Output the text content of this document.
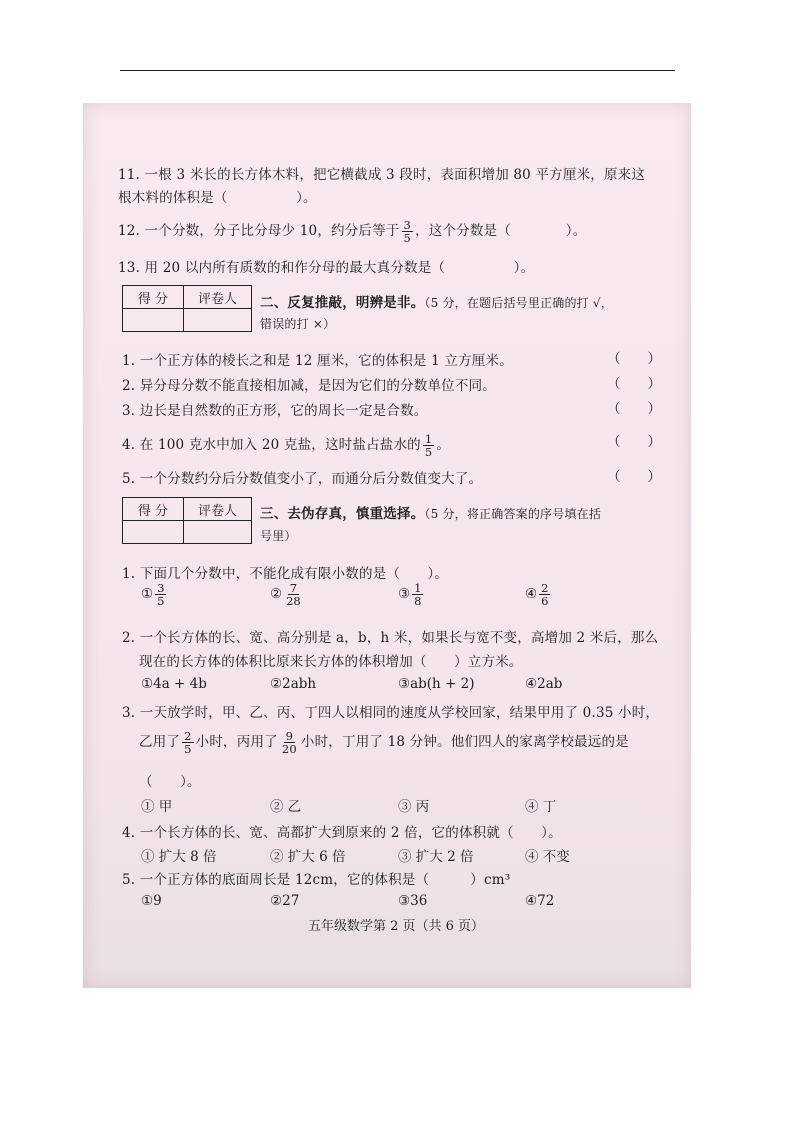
11. 一根 3 米长的长方体木料，把它横截成 3 段时，表面积增加 80 平方厘米，原来这
根木料的体积是（　　　　　）。
12. 一个分数，分子比分母少 10，约分后等于 $\frac{3}{5}$ ，这个分数是（　　　　）。
13. 用 20 以内所有质数的和作分母的最大真分数是（　　　　　）。
得 分	评卷人
	二、反复推敲，明辨是非。（5 分，在题后括号里正确的打 √，
错误的打 ×）
1. 一个正方体的棱长之和是 12 厘米，它的体积是 1 立方厘米。	（　　）
2. 异分母分数不能直接相加减，是因为它们的分数单位不同。	（　　）
3. 边长是自然数的正方形，它的周长一定是合数。	（　　）
4. 在 100 克水中加入 20 克盐，这时盐占盐水的 $\frac{1}{5}$ 。	（　　）
5. 一个分数约分后分数值变小了，而通分后分数值变大了。	（　　）
得 分	评卷人
	三、去伪存真，慎重选择。（5 分，将正确答案的序号填在括
号里）
1. 下面几个分数中，不能化成有限小数的是（　　）。
① $\frac{3}{5}$	② $\frac{7}{28}$	③ $\frac{1}{8}$	④ $\frac{2}{6}$
2. 一个长方体的长、宽、高分别是 a，b，h 米，如果长与宽不变，高增加 2 米后，那么
现在的长方体的体积比原来长方体的体积增加（　　）立方米。
①4a + 4b	②2abh	③ab(h + 2)	④2ab
3. 一天放学时，甲、乙、丙、丁四人以相同的速度从学校回家，结果甲用了 0.35 小时，
乙用了 $\frac{2}{5}$ 小时，丙用了 $\frac{9}{20}$ 小时，丁用了 18 分钟。他们四人的家离学校最远的是
（　　）。
① 甲	② 乙	③ 丙	④ 丁
4. 一个长方体的长、宽、高都扩大到原来的 2 倍，它的体积就（　　）。
① 扩大 8 倍	② 扩大 6 倍	③ 扩大 2 倍	④ 不变
5. 一个正方体的底面周长是 12cm，它的体积是（　　　）cm³
①9	②27	③36	④72
五年级数学第 2 页（共 6 页）
